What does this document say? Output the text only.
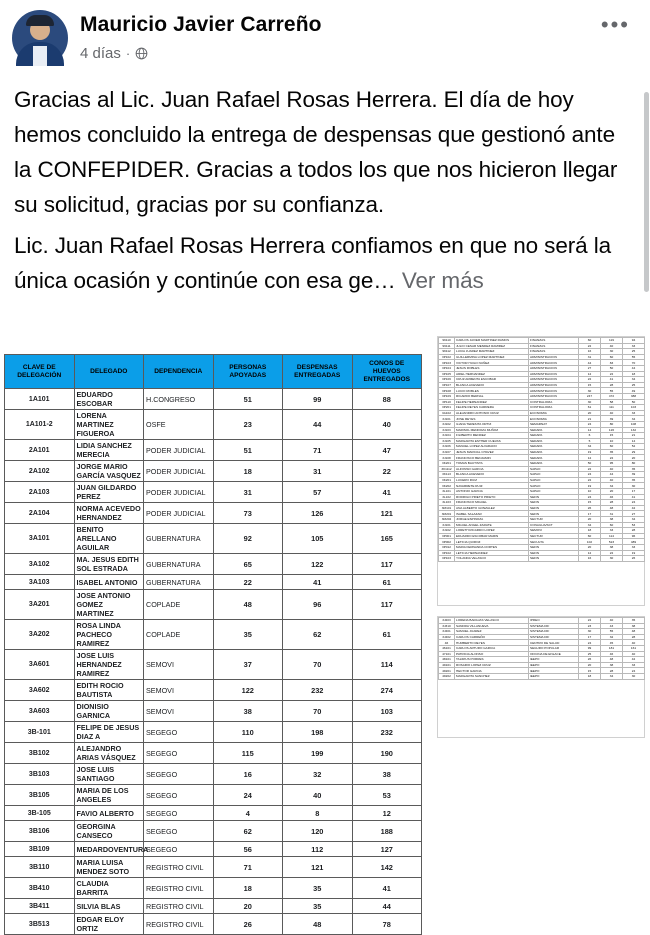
Mauricio Javier Carreño
4 días ·
•••

Gracias al Lic. Juan Rafael Rosas Herrera. El día de hoy hemos concluido la entrega de despensas que gestionó ante la CONFEPIDER. Gracias a todos los que nos hicieron llegar su solicitud, gracias por su confianza.

Lic. Juan Rafael Rosas Herrera confiamos en que no será la única ocasión y continúe con esa ge… Ver más

CLAVE DE DELEGACIÓN	DELEGADO	DEPENDENCIA	PERSONAS APOYADAS	DESPENSAS ENTREGADAS	CONOS DE HUEVOS ENTREGADOS
1A101	EDUARDO ESCOBAR	H.CONGRESO	51	99	88
1A101-2	LORENA MARTINEZ FIGUEROA	OSFE	23	44	40
2A101	LIDIA SANCHEZ MERECIA	PODER JUDICIAL	51	71	47
2A102	JORGE MARIO GARCÍA VASQUEZ	PODER JUDICIAL	18	31	22
2A103	JUAN GILDARDO PEREZ	PODER JUDICIAL	31	57	41
2A104	NORMA ACEVEDO HERNANDEZ	PODER JUDICIAL	73	126	121
3A101	BENITO ARELLANO AGUILAR	GUBERNATURA	92	105	165
3A102	MA. JESUS EDITH SOL ESTRADA	GUBERNATURA	65	122	117
3A103	ISABEL ANTONIO	GUBERNATURA	22	41	61
3A201	JOSE ANTONIO GOMEZ MARTINEZ	COPLADE	48	96	117
3A202	ROSA LINDA PACHECO RAMIREZ	COPLADE	35	62	61
3A601	JOSE LUIS HERNANDEZ RAMIREZ	SEMOVI	37	70	114
3A602	EDITH ROCIO BAUTISTA	SEMOVI	122	232	274
3A603	DIONISIO GARNICA	SEMOVI	38	70	103
3B-101	FELIPE DE JESUS DIAZ A	SEGEGO	110	198	232
3B102	ALEJANDRO ARIAS VÁSQUEZ	SEGEGO	115	199	190
3B103	JOSE LUIS SANTIAGO	SEGEGO	16	32	38
3B105	MARIA DE LOS ANGELES	SEGEGO	24	40	53
3B-105	FAVIO ALBERTO	SEGEGO	4	8	12
3B106	GEORGINA CANSECO	SEGEGO	62	120	188
3B109	MEDARDOVENTURA	SEGEGO	56	112	127
3B110	MARIA LUISA MENDEZ SOTO	REGISTRO CIVIL	71	121	142
3B410	CLAUDIA BARRITA	REGISTRO CIVIL	18	35	41
3B411	SILVIA BLAS	REGISTRO CIVIL	20	35	44
3B513	EDGAR ELOY ORTIZ	REGISTRO CIVIL	26	48	78
99110	CARLOS JAVIER MARTINEZ RAMOS	FINANZAS	60	119	94
99111	JULIO CESAR MENDEZ RAMIREZ	FINANZAS	22	40	33
99112	LUCIA JUAREZ MARTINEZ	FINANZAS	16	30	25
3P102	GUILLERMINA LOPEZ MARTINEZ	ADMINISTRACION	31	60	55
3P103	VICTOR HUGO NUÑEZ	ADMINISTRACION	44	83	70
3P104	JESUS ROBLES	ADMINISTRACION	27	50	44
3P105	ARIEL HERNANDEZ	ADMINISTRACION	12	22	18
3P106	CRUZ ARMENTA ESCOBAR	ADMINISTRACION	22	41	34
3P107	BLANCA ACEVEDO	ADMINISTRACION	15	28	25
3P108	LUCIO ROBLES	ADMINISTRACION	30	55	49
3P109	RICARDO BERNAL	ADMINISTRACION	247	472	388
3P110	FELIPE HERNANDEZ	CONTRALORIA	30	58	50
3P201	FELIPE REYES CARRERA	CONTRALORIA	61	111	103
3A102	ALEJANDRO ANTONIO CRUZ	ECONOMIA	20	40	33
3J101	JOSE REYES	ECONOMIA	21	39	34
3J102	ILIANA TERESITA ORTIZ	SEMARNAT	24	80	108
3J103	MARISOL MENDOZA MUÑOZ	SEDAPA	14	126	132
3J104	FILIBERTO MENDEZ	SEDAPA	6	15	21
3J105	MARGARITA ESTHER CUEVAS	SEDAPA	5	10	14
3J106	MANUEL LOPEZ ALVARADO	SEDAPA	34	60	52
3J107	JESUS MARCIAL CHAVEZ	SEDAPA	19	35	29
3J108	FRANCISCO BENJAMIN	SEDAPA	12	22	20
3K201	TOMAS BAUTISTA	SEDAPA	50	95	80
3K1112	ALFONSO GARCIA	SAPAO	22	40	35
3K113	BLANCA ACEVEDO	SAPAO	24	44	39
3K201	LUCERO RUIZ	SAPAO	22	40	35
3K202	NAVARRETE RUIZ	SAPAO	19	34	30
3L101	ANTONIO GARCIA	SAPAO	10	20	17
3L102	RODRIGO PRIETO PRIETO	SEFIN	24	46	41
3L103	FRANCISCO MIGUEL	SEFIN	15	28	24
3M101	ANA ALBERTO GONZALEZ	SEFIN	26	48	42
3M201	ISABEL SALAZAR	SEFIN	17	31	27
3M202	JORGE ESPINOZA	SECTUR	20	38	34
3J101	MIGUEL ANGEL ZARATE	CONAGUA/SCT	34	60	53
3J102	LORETH RICARDO LOPEZ	SEMOVI	18	33	28
3P001	EDUARDO ESCOBAR MARIN	SECTUR	60	114	96
3P002	LETICIA QUIROZ	SECULTA	102	523	489
3P012	MARIA FERNANDA CORTES	SEFIN	20	38	33
3P102	LETICIA HERNANDEZ	SEFIN	12	22	19
3P103	YOLANDA VELASCO	SEFIN	16	30	26
3J203	LORENA BARAJAS VELASCO	IPREO	22	40	35
3J310	SANDRA VILLANUEVA	SISTEMA DIF	23	43	38
3J401	SAMUEL JUAREZ	SISTEMA DIF	30	55	48
3J402	CARLOS CARREÑO	SISTEMA DIF	17	32	28
46	HUMBERTO REYES	CENTRO DE SALUD	24	45	40
46101	CARLOS ARTURO GARCIA	SEGURO POPULAR	99	181	161
47101	PATRICIA ALONSO	OFICINA DE ENLACE	25	46	40
48101	TALIRIUS PORRES	IEEPO	26	48	42
49101	ROSARIO LOPEZ CRUZ	IEEPO	20	38	33
49201	HECTOR GARCIA	IEEPO	15	28	24
49202	MARGARITA SANCHEZ	IEEPO	18	34	30
